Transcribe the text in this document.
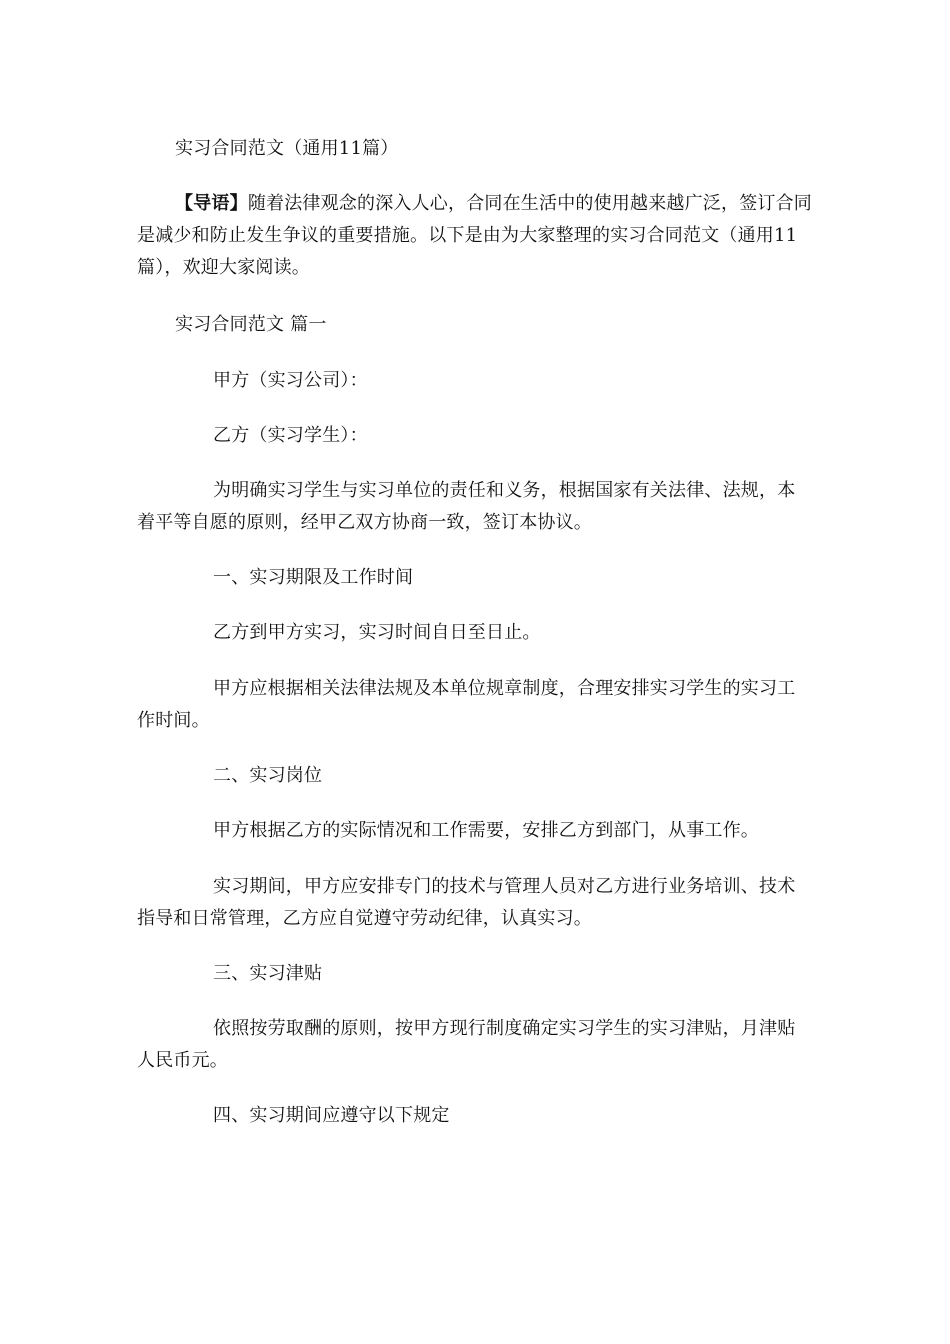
实习合同范文（通用11篇）

【导语】随着法律观念的深入人心，合同在生活中的使用越来越广泛，签订合同是减少和防止发生争议的重要措施。以下是由为大家整理的实习合同范文（通用11篇），欢迎大家阅读。

实习合同范文 篇一

甲方（实习公司）：

乙方（实习学生）：

为明确实习学生与实习单位的责任和义务，根据国家有关法律、法规，本着平等自愿的原则，经甲乙双方协商一致，签订本协议。

一、实习期限及工作时间

乙方到甲方实习，实习时间自日至日止。

甲方应根据相关法律法规及本单位规章制度，合理安排实习学生的实习工作时间。

二、实习岗位

甲方根据乙方的实际情况和工作需要，安排乙方到部门，从事工作。

实习期间，甲方应安排专门的技术与管理人员对乙方进行业务培训、技术指导和日常管理，乙方应自觉遵守劳动纪律，认真实习。

三、实习津贴

依照按劳取酬的原则，按甲方现行制度确定实习学生的实习津贴，月津贴人民币元。

四、实习期间应遵守以下规定
